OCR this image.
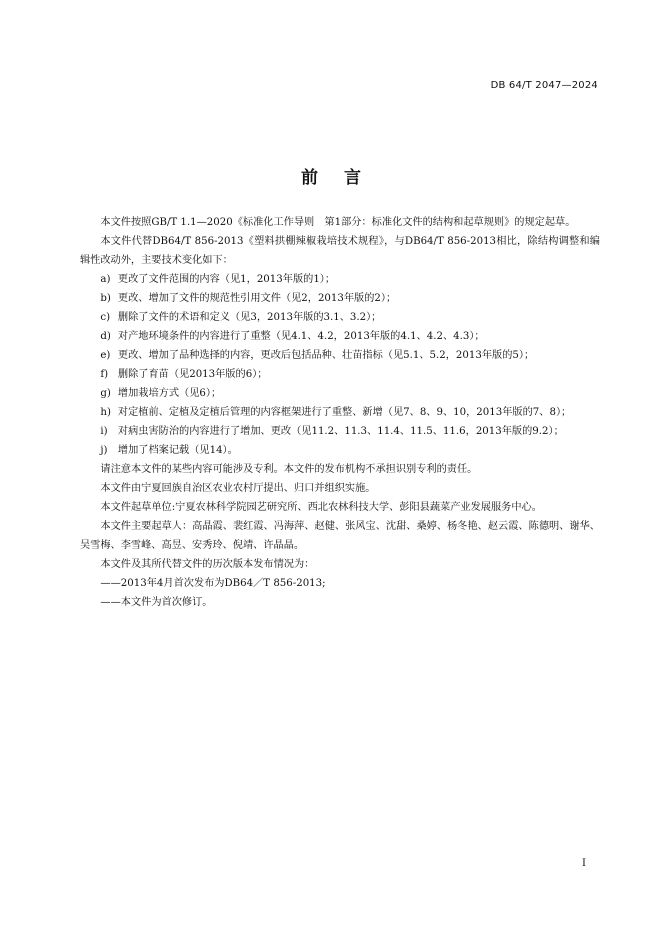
DB 64/T 2047—2024
前言

本文件按照GB/T 1.1—2020《标准化工作导则　第1部分：标准化文件的结构和起草规则》的规定起草。

本文件代替DB64/T 856-2013《塑料拱棚辣椒栽培技术规程》，与DB64/T 856-2013相比，除结构调整和编辑性改动外，主要技术变化如下：

a) 更改了文件范围的内容（见1，2013年版的1）；

b) 更改、增加了文件的规范性引用文件（见2，2013年版的2）；

c) 删除了文件的术语和定义（见3，2013年版的3.1、3.2）；

d) 对产地环境条件的内容进行了重整（见4.1、4.2，2013年版的4.1、4.2、4.3）；

e) 更改、增加了品种选择的内容，更改后包括品种、壮苗指标（见5.1、5.2，2013年版的5）；

f) 删除了育苗（见2013年版的6）；

g) 增加栽培方式（见6）；

h) 对定植前、定植及定植后管理的内容框架进行了重整、新增（见7、8、9、10，2013年版的7、8）；

i) 对病虫害防治的内容进行了增加、更改（见11.2、11.3、11.4、11.5、11.6，2013年版的9.2）；

j) 增加了档案记载（见14）。

请注意本文件的某些内容可能涉及专利。本文件的发布机构不承担识别专利的责任。

本文件由宁夏回族自治区农业农村厅提出、归口并组织实施。

本文件起草单位:宁夏农林科学院园艺研究所、西北农林科技大学、彭阳县蔬菜产业发展服务中心。

本文件主要起草人：高晶霞、裴红霞、冯海萍、赵健、张风宝、沈甜、桑婷、杨冬艳、赵云霞、陈德明、谢华、吴雪梅、李雪峰、高昱、安秀玲、倪靖、许晶晶。

本文件及其所代替文件的历次版本发布情况为：

——2013年4月首次发布为DB64／T 856-2013;

——本文件为首次修订。

I
